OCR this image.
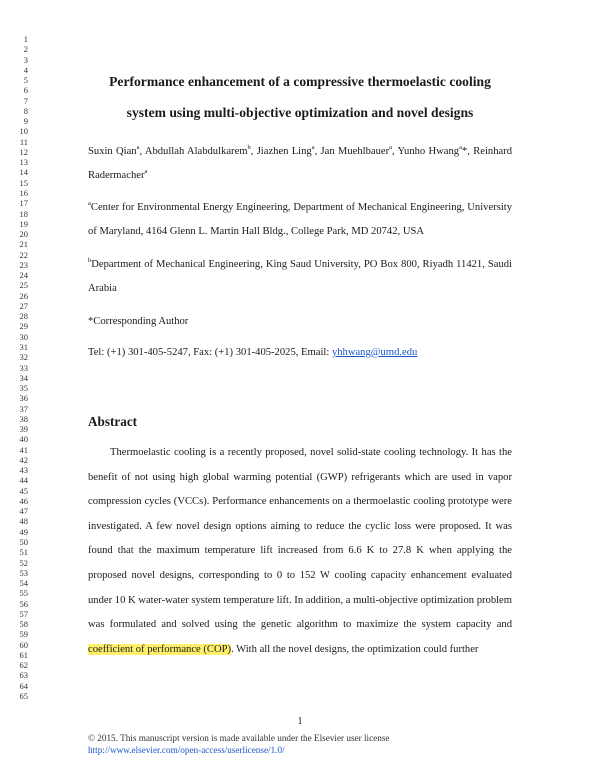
1
2
3
4
5
6
7
8
9
10
11
12
13
14
15
16
17
18
19
20
21
22
23
24
25
26
27
28
29
30
31
32
33
34
35
36
37
38
39
40
41
42
43
44
45
46
47
48
49
50
51
52
53
54
55
56
57
58
59
60
61
62
63
64
65
Performance enhancement of a compressive thermoelastic cooling
system using multi-objective optimization and novel designs
Suxin Qian$^a$, Abdullah Alabdulkarem$^b$, Jiazhen Ling$^a$, Jan Muehlbauer$^a$, Yunho Hwang$^a$*, Reinhard Radermacher$^a$
$^a$Center for Environmental Energy Engineering, Department of Mechanical Engineering, University of Maryland, 4164 Glenn L. Martin Hall Bldg., College Park, MD 20742, USA
$^b$Department of Mechanical Engineering, King Saud University, PO Box 800, Riyadh 11421, Saudi Arabia
*Corresponding Author
Tel: (+1) 301-405-5247, Fax: (+1) 301-405-2025, Email: yhhwang@umd.edu
Abstract
Thermoelastic cooling is a recently proposed, novel solid-state cooling technology. It has the benefit of not using high global warming potential (GWP) refrigerants which are used in vapor compression cycles (VCCs). Performance enhancements on a thermoelastic cooling prototype were investigated. A few novel design options aiming to reduce the cyclic loss were proposed. It was found that the maximum temperature lift increased from 6.6 K to 27.8 K when applying the proposed novel designs, corresponding to 0 to 152 W cooling capacity enhancement evaluated under 10 K water-water system temperature lift. In addition, a multi-objective optimization problem was formulated and solved using the genetic algorithm to maximize the system capacity and coefficient of performance (COP). With all the novel designs, the optimization could further
1
© 2015. This manuscript version is made available under the Elsevier user license
http://www.elsevier.com/open-access/userlicense/1.0/
